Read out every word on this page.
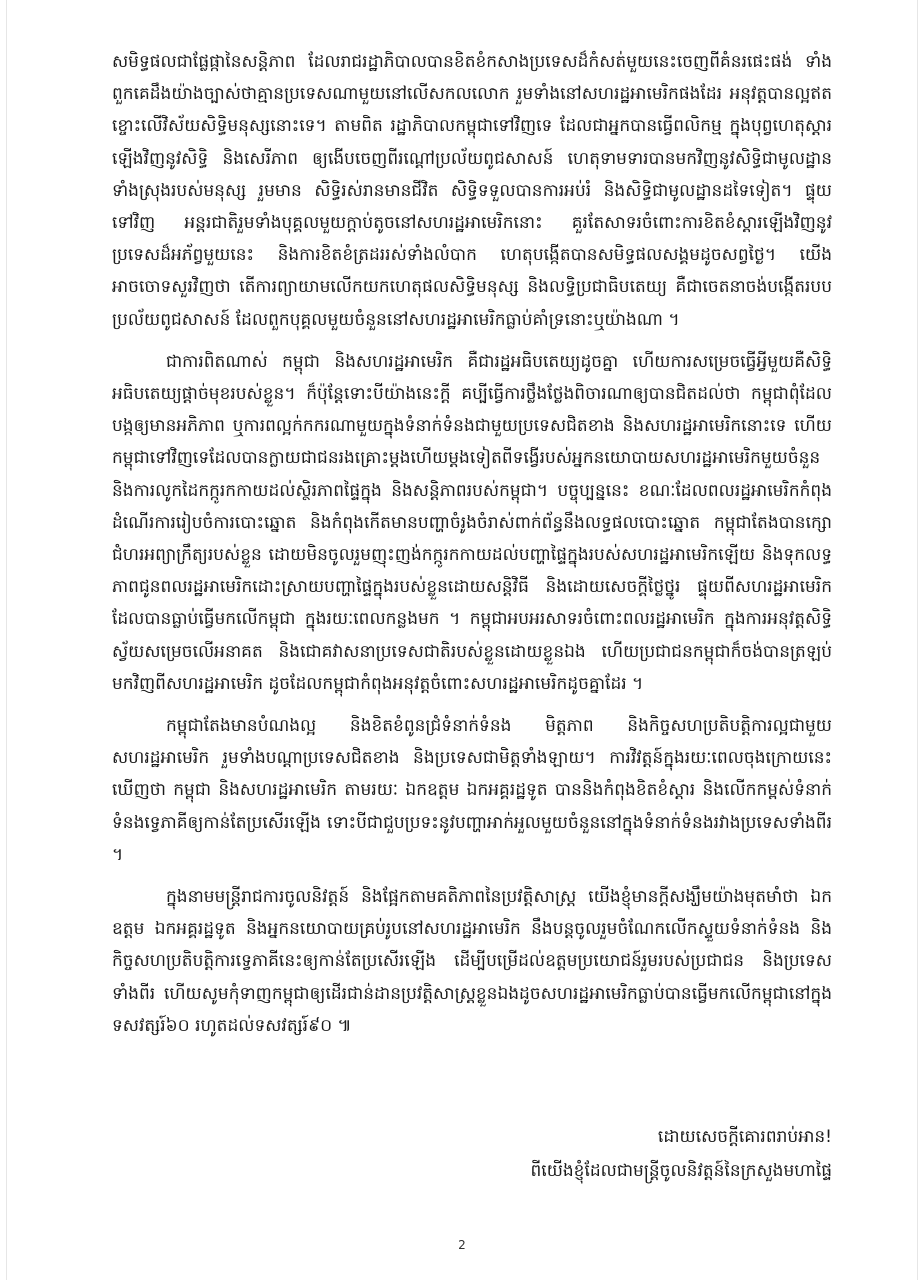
សមិទ្ធផលជាផ្លែផ្កានៃសន្តិភាព ដែលរាជរដ្ឋាភិបាលបានខិតខំកសាងប្រទេសដ៏កំសត់មួយនេះចេញពីគំនរផេះផង់ ទាំងពួកគេដឹងយ៉ាងច្បាស់ថាគ្មានប្រទេសណាមួយនៅលើសកលលោក រួមទាំងនៅសហរដ្ឋអាមេរិកផងដែរ អនុវត្តបានល្អឥតខ្ចោះលើវិស័យសិទ្ធិមនុស្សនោះទេ។ តាមពិត រដ្ឋាភិបាលកម្ពុជាទៅវិញទេ ដែលជាអ្នកបានធ្វើពលិកម្ម ក្នុងបុព្វហេតុស្តារឡើងវិញនូវសិទ្ធិ និងសេរីភាព ឲ្យងើបចេញពីរណ្តៅប្រល័យពូជសាសន៍ ហេតុទាមទារបានមកវិញនូវសិទ្ធិជាមូលដ្ឋានទាំងស្រុងរបស់មនុស្ស រួមមាន សិទ្ធិរស់រានមានជីវិត សិទ្ធិទទួលបានការអប់រំ និងសិទ្ធិជាមូលដ្ឋានដទៃទៀត។ ផ្ទុយទៅវិញ អន្តរជាតិរួមទាំងបុគ្គលមួយក្តាប់តូចនៅសហរដ្ឋអាមេរិកនោះ គួរតែសាទរចំពោះការខិតខំស្តារឡើងវិញនូវប្រទេសដ៏អភ័ព្វមួយនេះ និងការខិតខំត្រដររស់ទាំងលំបាក ហេតុបង្កើតបានសមិទ្ធផលសង្គមដូចសព្វថ្ងៃ។ យើងអាចចោទសួរវិញថា តើការព្យាយាមលើកយកហេតុផលសិទ្ធិមនុស្ស និងលទ្ធិប្រជាធិបតេយ្យ គឺជាចេតនាចង់បង្កើតរបបប្រល័យពូជសាសន៍ ដែលពួកបុគ្គលមួយចំនួននៅសហរដ្ឋអាមេរិកធ្លាប់គាំទ្រនោះឬយ៉ាងណា ។

ជាការពិតណាស់ កម្ពុជា និងសហរដ្ឋអាមេរិក គឺជារដ្ឋអធិបតេយ្យដូចគ្នា ហើយការសម្រេចធ្វើអ្វីមួយគឺសិទ្ធិអធិបតេយ្យផ្តាច់មុខរបស់ខ្លួន។ ក៏ប៉ុន្តែទោះបីយ៉ាងនេះក្តី គប្បីធ្វើការថ្លឹងថ្លែងពិចារណាឲ្យបានជិតដល់ថា កម្ពុជាពុំដែលបង្កឲ្យមានអភិភាព ឬការពល្អក់កករណាមួយក្នុងទំនាក់ទំនងជាមួយប្រទេសជិតខាង និងសហរដ្ឋអាមេរិកនោះទេ ហើយកម្ពុជាទៅវិញទេដែលបានក្លាយជាជនរងគ្រោះម្តងហើយម្តងទៀតពីទង្វើរបស់អ្នកនយោបាយសហរដ្ឋអាមេរិកមួយចំនួន និងការលូកដៃកក្កូរកកាយដល់ស្ថិរភាពផ្ទៃក្នុង និងសន្តិភាពរបស់កម្ពុជា។ បច្ចុប្បន្ននេះ ខណៈដែលពលរដ្ឋអាមេរិកកំពុងដំណើរការរៀបចំការបោះឆ្នោត និងកំពុងកើតមានបញ្ហាចំរូងចំរាស់ពាក់ព័ន្ធនឹងលទ្ធផលបោះឆ្នោត កម្ពុជាតែងបានក្សោជំហរអព្យាក្រឹត្យរបស់ខ្លួន ដោយមិនចូលរួមញុះញង់កក្កូរកកាយដល់បញ្ហាផ្ទៃក្នុងរបស់សហរដ្ឋអាមេរិកឡើយ និងទុកលទ្ធភាពជូនពលរដ្ឋអាមេរិកដោះស្រាយបញ្ហាផ្ទៃក្នុងរបស់ខ្លួនដោយសន្តិវិធី និងដោយសេចក្តីថ្លៃថ្នូរ ផ្ទុយពីសហរដ្ឋអាមេរិកដែលបានធ្លាប់ធ្វើមកលើកម្ពុជា ក្នុងរយៈពេលកន្លងមក ។ កម្ពុជាអបអរសាទរចំពោះពលរដ្ឋអាមេរិក ក្នុងការអនុវត្តសិទ្ធិស្វ័យសម្រេចលើអនាគត និងជោគវាសនាប្រទេសជាតិរបស់ខ្លួនដោយខ្លួនឯង ហើយប្រជាជនកម្ពុជាក៏ចង់បានត្រឡប់មកវិញពីសហរដ្ឋអាមេរិក ដូចដែលកម្ពុជាកំពុងអនុវត្តចំពោះសហរដ្ឋអាមេរិកដូចគ្នាដែរ ។

កម្ពុជាតែងមានបំណងល្អ និងខិតខំពូនជ្រំទំនាក់ទំនង មិត្តភាព និងកិច្ចសហប្រតិបត្តិការល្អជាមួយសហរដ្ឋអាមេរិក រួមទាំងបណ្តាប្រទេសជិតខាង និងប្រទេសជាមិត្តទាំងឡាយ។ ការវិវត្តន៍ក្នុងរយៈពេលចុងក្រោយនេះ ឃើញថា កម្ពុជា និងសហរដ្ឋអាមេរិក តាមរយៈ ឯកឧត្តម ឯកអគ្គរដ្ឋទូត បាននិងកំពុងខិតខំស្តារ និងលើកកម្ពស់ទំនាក់ទំនងទ្វេភាគីឲ្យកាន់តែប្រសើរឡើង ទោះបីជាជួបប្រទះនូវបញ្ហាអាក់អួលមួយចំនួននៅក្នុងទំនាក់ទំនងរវាងប្រទេសទាំងពីរ ។

ក្នុងនាមមន្ត្រីរាជការចូលនិវត្តន៍ និងផ្អែកតាមគតិភាពនៃប្រវត្តិសាស្ត្រ យើងខ្ញុំមានក្តីសង្ឃឹមយ៉ាងមុតមាំថា ឯកឧត្តម ឯកអគ្គរដ្ឋទូត និងអ្នកនយោបាយគ្រប់រូបនៅសហរដ្ឋអាមេរិក នឹងបន្តចូលរួមចំណែកលើកស្ទួយទំនាក់ទំនង និងកិច្ចសហប្រតិបត្តិការទ្វេភាគីនេះឲ្យកាន់តែប្រសើរឡើង ដើម្បីបម្រើដល់ឧត្តមប្រយោជន៍រួមរបស់ប្រជាជន និងប្រទេសទាំងពីរ ហើយសូមកុំទាញកម្ពុជាឲ្យដើរជាន់ដានប្រវត្តិសាស្ត្រខ្លួនឯងដូចសហរដ្ឋអាមេរិកធ្លាប់បានធ្វើមកលើកម្ពុជានៅក្នុងទសវត្សរ៍៦០ រហូតដល់ទសវត្សរ៍៩០ ៕

ដោយសេចក្តីគោរពរាប់អាន!
ពីយើងខ្ញុំដែលជាមន្ត្រីចូលនិវត្តន៍នៃក្រសួងមហាផ្ទៃ
2
